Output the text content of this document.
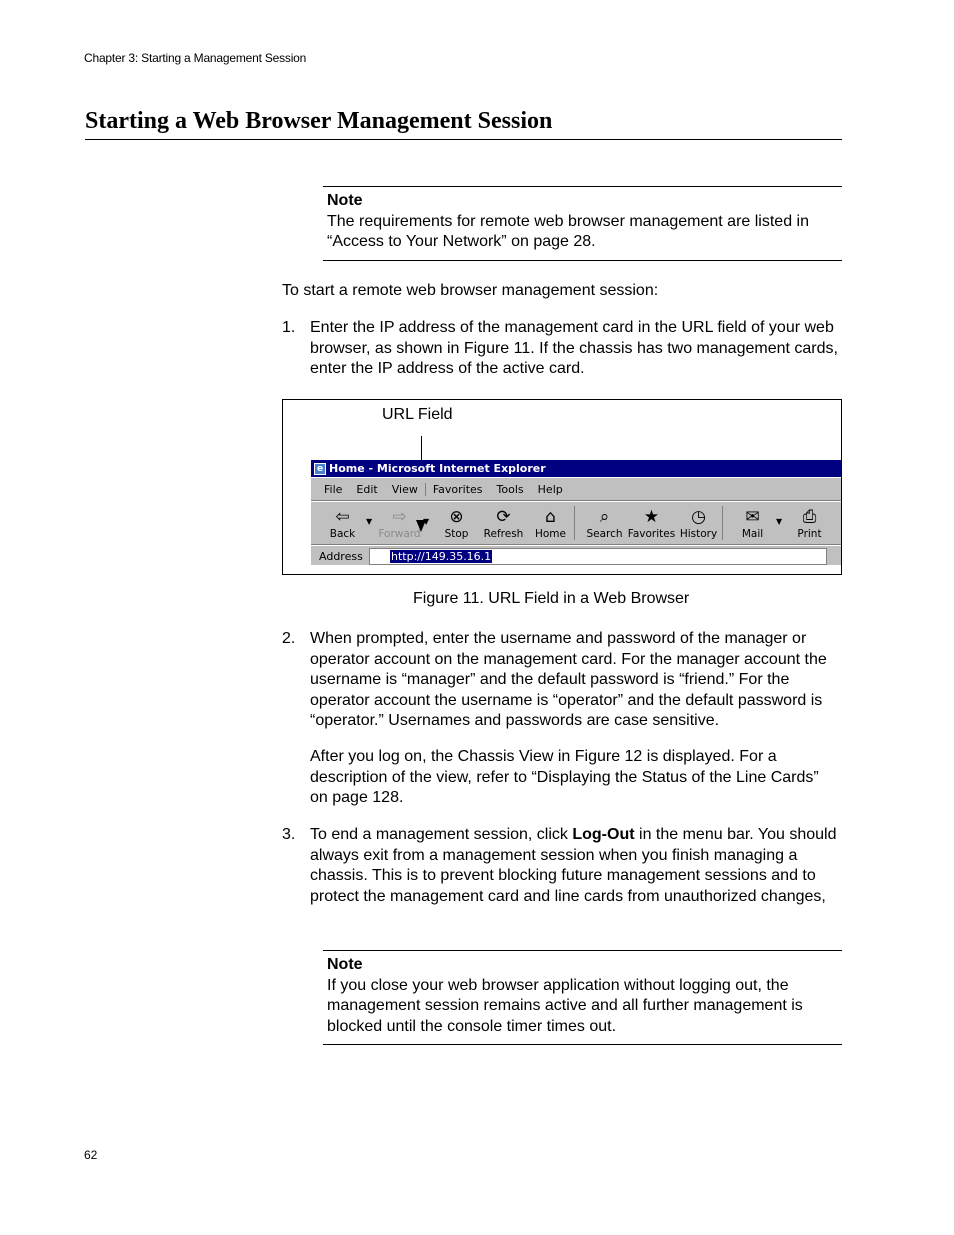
Chapter 3: Starting a Management Session
Starting a Web Browser Management Session
Note
The requirements for remote web browser management are listed in “Access to Your Network” on page 28.
To start a remote web browser management session:
1. Enter the IP address of the management card in the URL field of your web browser, as shown in Figure 11. If the chassis has two management cards, enter the IP address of the active card.
URL Field
e Home - Microsoft Internet Explorer
File	Edit	View	Favorites	Tools	Help
⇦
Back
▼ ⇨
Forward
▼ ⊗
Stop
⟳
Refresh
⌂
Home
⌕
Search
★
Favorites
◷
History
✉
Mail
▼ ⎙
Print
Address	http://149.35.16.1
Figure 11. URL Field in a Web Browser
2. When prompted, enter the username and password of the manager or operator account on the management card. For the manager account the username is “manager” and the default password is “friend.” For the operator account the username is “operator” and the default password is “operator.” Usernames and passwords are case sensitive.
After you log on, the Chassis View in Figure 12 is displayed. For a description of the view, refer to “Displaying the Status of the Line Cards” on page 128.
3. To end a management session, click Log-Out in the menu bar. You should always exit from a management session when you finish managing a chassis. This is to prevent blocking future management sessions and to protect the management card and line cards from unauthorized changes,
Note
If you close your web browser application without logging out, the management session remains active and all further management is blocked until the console timer times out.
62
